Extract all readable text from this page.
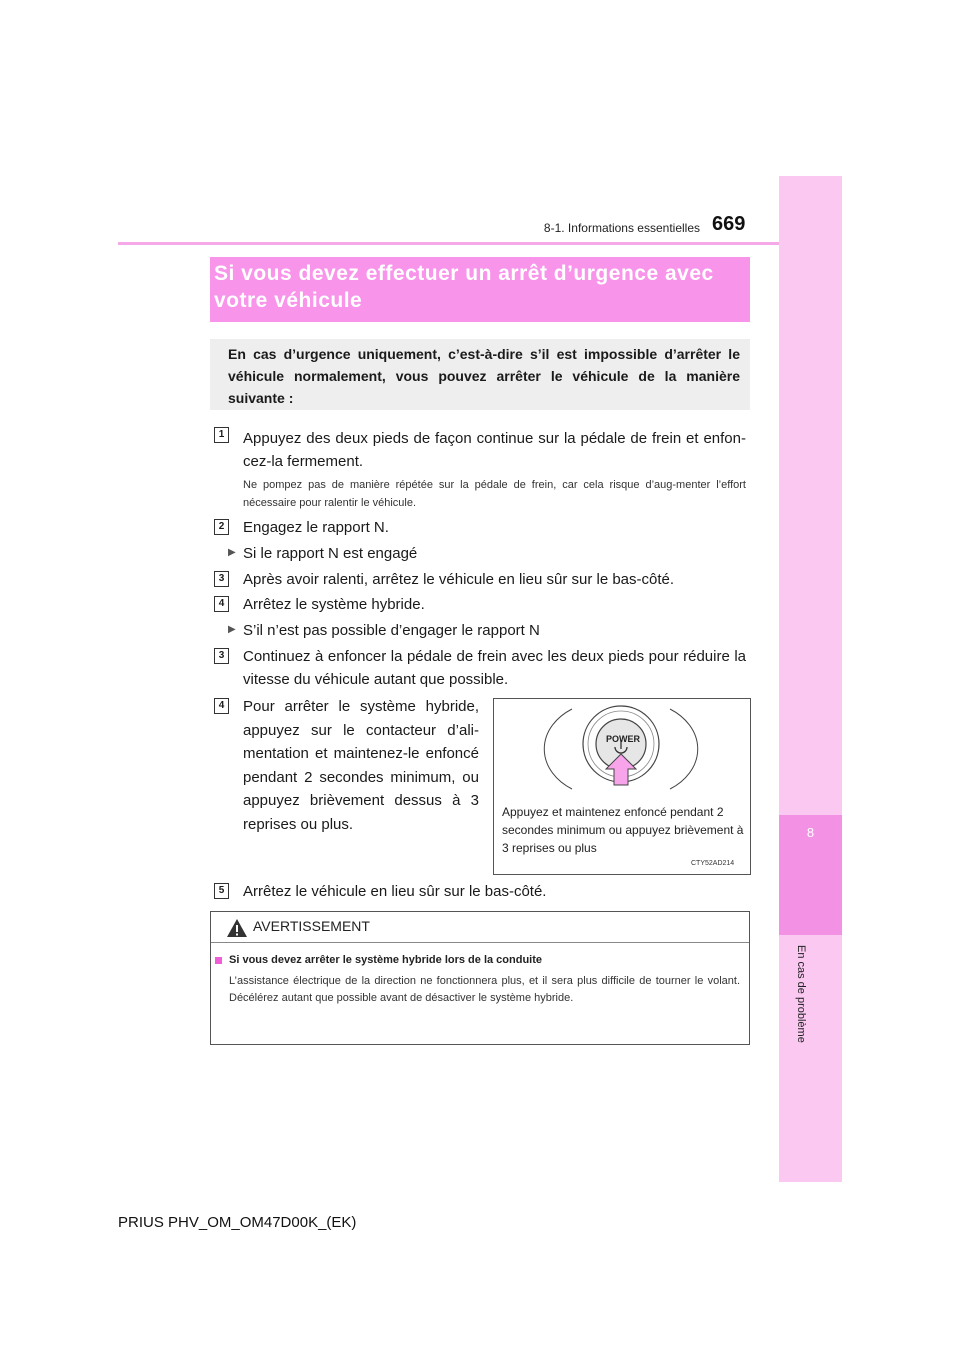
8
En cas de problème
8-1. Informations essentielles 669
Si vous devez effectuer un arrêt d’urgence avec votre véhicule
En cas d’urgence uniquement, c’est-à-dire s’il est impossible d’arrêter le véhicule normalement, vous pouvez arrêter le véhicule de la manière suivante :
1	Appuyez des deux pieds de façon continue sur la pédale de frein et enfon-cez-la fermement.
Ne pompez pas de manière répétée sur la pédale de frein, car cela risque d’aug-menter l’effort nécessaire pour ralentir le véhicule.
2	Engagez le rapport N.
▶ Si le rapport N est engagé
3	Après avoir ralenti, arrêtez le véhicule en lieu sûr sur le bas-côté.
4	Arrêtez le système hybride.
▶ S’il n’est pas possible d’engager le rapport N
3	Continuez à enfoncer la pédale de frein avec les deux pieds pour réduire la vitesse du véhicule autant que possible.
4	Pour arrêter le système hybride, appuyez sur le contacteur d’ali-mentation et maintenez-le enfoncé pendant 2 secondes minimum, ou appuyez brièvement dessus à 3 reprises ou plus.
POWER
Appuyez et maintenez enfoncé pendant 2 secondes minimum ou appuyez brièvement à 3 reprises ou plus
CTY52AD214
5	Arrêtez le véhicule en lieu sûr sur le bas-côté.
AVERTISSEMENT
Si vous devez arrêter le système hybride lors de la conduite
L’assistance électrique de la direction ne fonctionnera plus, et il sera plus difficile de tourner le volant. Décélérez autant que possible avant de désactiver le système hybride.
PRIUS PHV_OM_OM47D00K_(EK)
